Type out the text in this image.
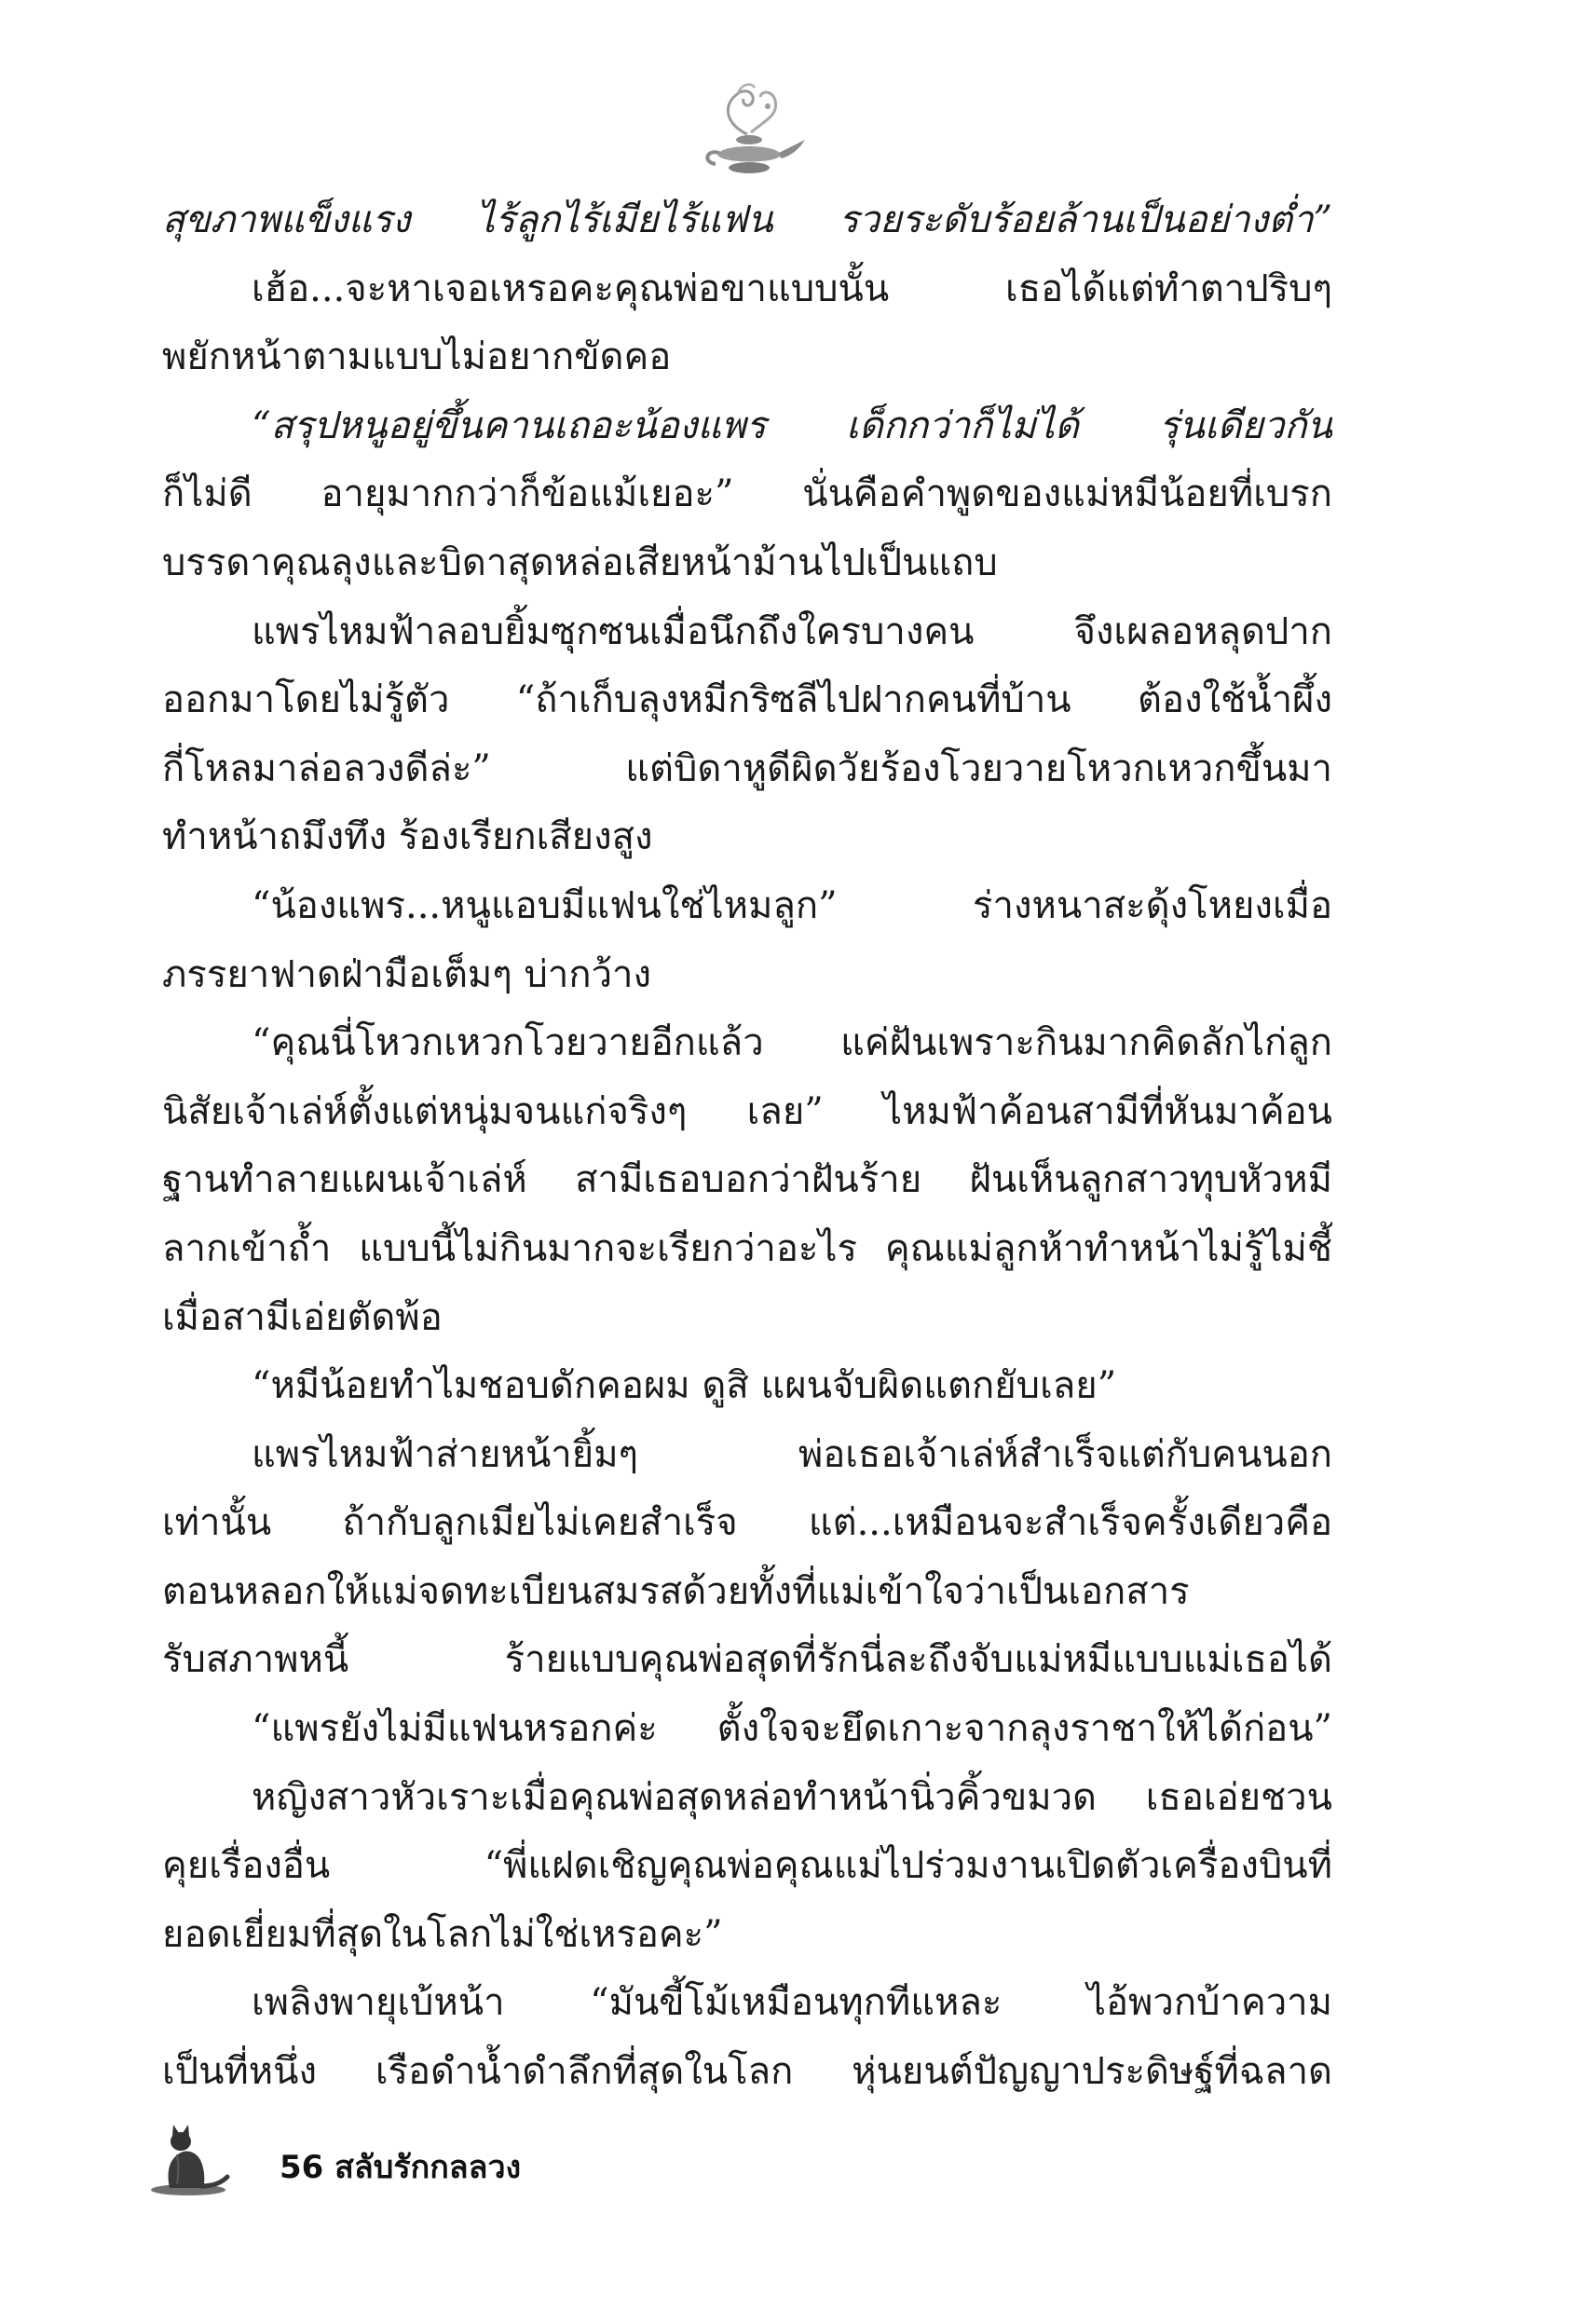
สุขภาพแข็งแรง ไร้ลูกไร้เมียไร้แฟน รวยระดับร้อยล้านเป็นอย่างต่ำ”
เฮ้อ...จะหาเจอเหรอคะคุณพ่อขาแบบนั้น เธอได้แต่ทำตาปริบๆ
พยักหน้าตามแบบไม่อยากขัดคอ
“สรุปหนูอยู่ขึ้นคานเถอะน้องแพร เด็กกว่าก็ไม่ได้ รุ่นเดียวกัน
ก็ไม่ดี อายุมากกว่าก็ข้อแม้เยอะ” นั่นคือคำพูดของแม่หมีน้อยที่เบรก
บรรดาคุณลุงและบิดาสุดหล่อเสียหน้าม้านไปเป็นแถบ
แพรไหมฟ้าลอบยิ้มซุกซนเมื่อนึกถึงใครบางคน จึงเผลอหลุดปาก
ออกมาโดยไม่รู้ตัว “ถ้าเก็บลุงหมีกริซลีไปฝากคนที่บ้าน ต้องใช้น้ำผึ้ง
กี่โหลมาล่อลวงดีล่ะ” แต่บิดาหูดีผิดวัยร้องโวยวายโหวกเหวกขึ้นมา
ทำหน้าถมึงทึง ร้องเรียกเสียงสูง
“น้องแพร...หนูแอบมีแฟนใช่ไหมลูก” ร่างหนาสะดุ้งโหยงเมื่อ
ภรรยาฟาดฝ่ามือเต็มๆ บ่ากว้าง
“คุณนี่โหวกเหวกโวยวายอีกแล้ว แค่ฝันเพราะกินมากคิดลักไก่ลูก
นิสัยเจ้าเล่ห์ตั้งแต่หนุ่มจนแก่จริงๆ เลย” ไหมฟ้าค้อนสามีที่หันมาค้อน
ฐานทำลายแผนเจ้าเล่ห์ สามีเธอบอกว่าฝันร้าย ฝันเห็นลูกสาวทุบหัวหมี
ลากเข้าถ้ำ แบบนี้ไม่กินมากจะเรียกว่าอะไร คุณแม่ลูกห้าทำหน้าไม่รู้ไม่ชี้
เมื่อสามีเอ่ยตัดพ้อ
“หมีน้อยทำไมชอบดักคอผม ดูสิ แผนจับผิดแตกยับเลย”
แพรไหมฟ้าส่ายหน้ายิ้มๆ พ่อเธอเจ้าเล่ห์สำเร็จแต่กับคนนอก
เท่านั้น ถ้ากับลูกเมียไม่เคยสำเร็จ แต่...เหมือนจะสำเร็จครั้งเดียวคือ
ตอนหลอกให้แม่จดทะเบียนสมรสด้วยทั้งที่แม่เข้าใจว่าเป็นเอกสาร
รับสภาพหนี้ ร้ายแบบคุณพ่อสุดที่รักนี่ละถึงจับแม่หมีแบบแม่เธอได้
“แพรยังไม่มีแฟนหรอกค่ะ ตั้งใจจะยึดเกาะจากลุงราชาให้ได้ก่อน”
หญิงสาวหัวเราะเมื่อคุณพ่อสุดหล่อทำหน้านิ่วคิ้วขมวด เธอเอ่ยชวน
คุยเรื่องอื่น “พี่แฝดเชิญคุณพ่อคุณแม่ไปร่วมงานเปิดตัวเครื่องบินที่
ยอดเยี่ยมที่สุดในโลกไม่ใช่เหรอคะ”
เพลิงพายุเบ้หน้า “มันขี้โม้เหมือนทุกทีแหละ ไอ้พวกบ้าความ
เป็นที่หนึ่ง เรือดำน้ำดำลึกที่สุดในโลก หุ่นยนต์ปัญญาประดิษฐ์ที่ฉลาด
56 สลับรักกลลวง
